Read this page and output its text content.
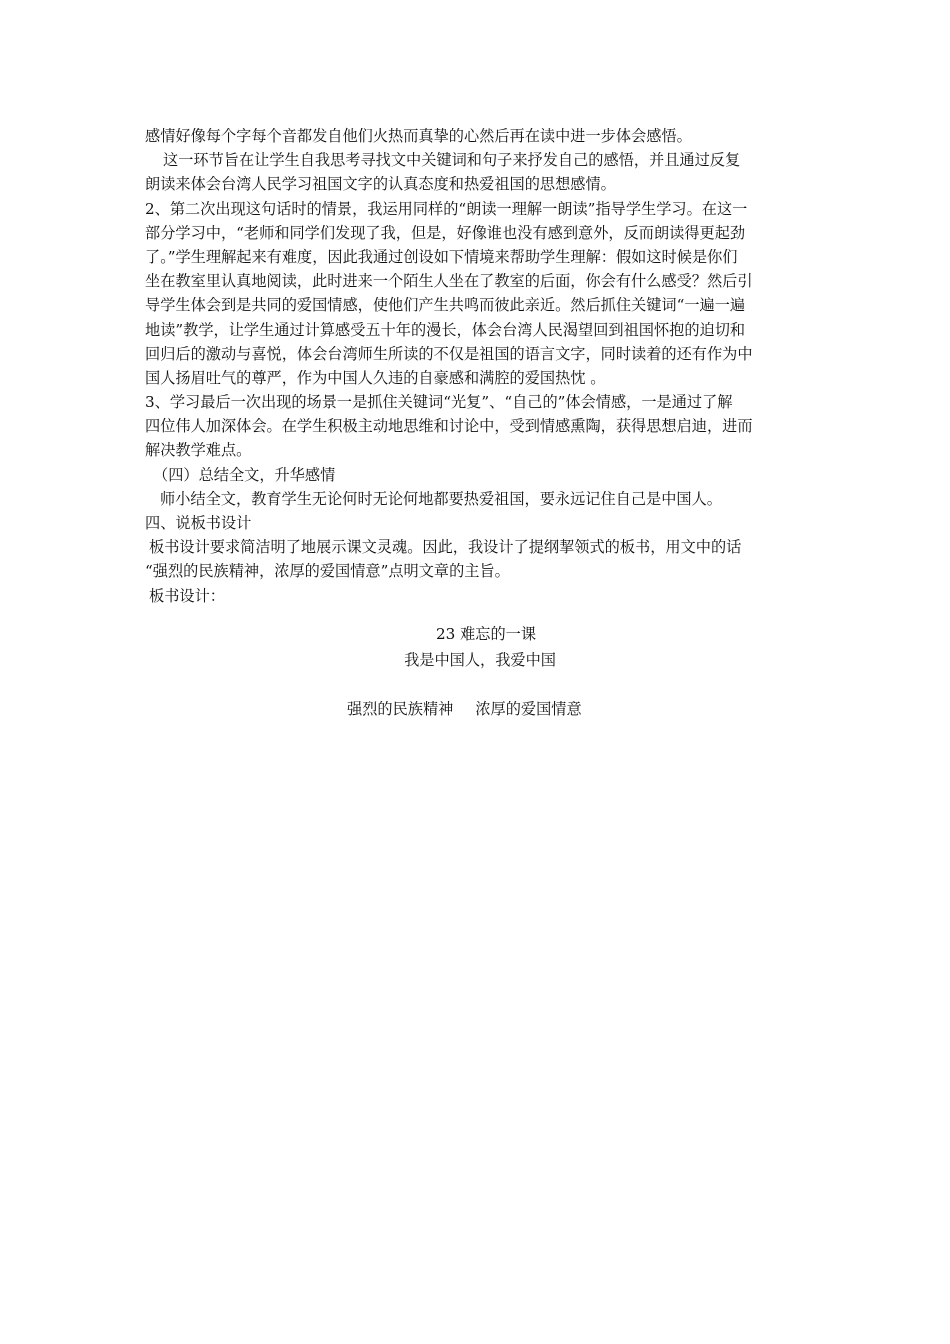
感情好像每个字每个音都发自他们火热而真挚的心然后再在读中进一步体会感悟。
这一环节旨在让学生自我思考寻找文中关键词和句子来抒发自己的感悟，并且通过反复
朗读来体会台湾人民学习祖国文字的认真态度和热爱祖国的思想感情。
2、第二次出现这句话时的情景，我运用同样的“朗读一理解一朗读”指导学生学习。在这一
部分学习中，“老师和同学们发现了我，但是，好像谁也没有感到意外，反而朗读得更起劲
了。”学生理解起来有难度，因此我通过创设如下情境来帮助学生理解：假如这时候是你们
坐在教室里认真地阅读，此时进来一个陌生人坐在了教室的后面，你会有什么感受？然后引
导学生体会到是共同的爱国情感，使他们产生共鸣而彼此亲近。然后抓住关键词“一遍一遍
地读”教学，让学生通过计算感受五十年的漫长，体会台湾人民渴望回到祖国怀抱的迫切和
回归后的激动与喜悦，体会台湾师生所读的不仅是祖国的语言文字，同时读着的还有作为中
国人扬眉吐气的尊严，作为中国人久违的自豪感和满腔的爱国热忱 。
3、学习最后一次出现的场景一是抓住关键词“光复”、“自己的”体会情感，一是通过了解
四位伟人加深体会。在学生积极主动地思维和讨论中，受到情感熏陶，获得思想启迪，进而
解决教学难点。
（四）总结全文，升华感情
师小结全文，教育学生无论何时无论何地都要热爱祖国，要永远记住自己是中国人。
四、说板书设计
板书设计要求简洁明了地展示课文灵魂。因此，我设计了提纲挈领式的板书，用文中的话
“强烈的民族精神，浓厚的爱国情意”点明文章的主旨。
板书设计：
23 难忘的一课
我是中国人，我爱中国
强烈的民族精神 浓厚的爱国情意
